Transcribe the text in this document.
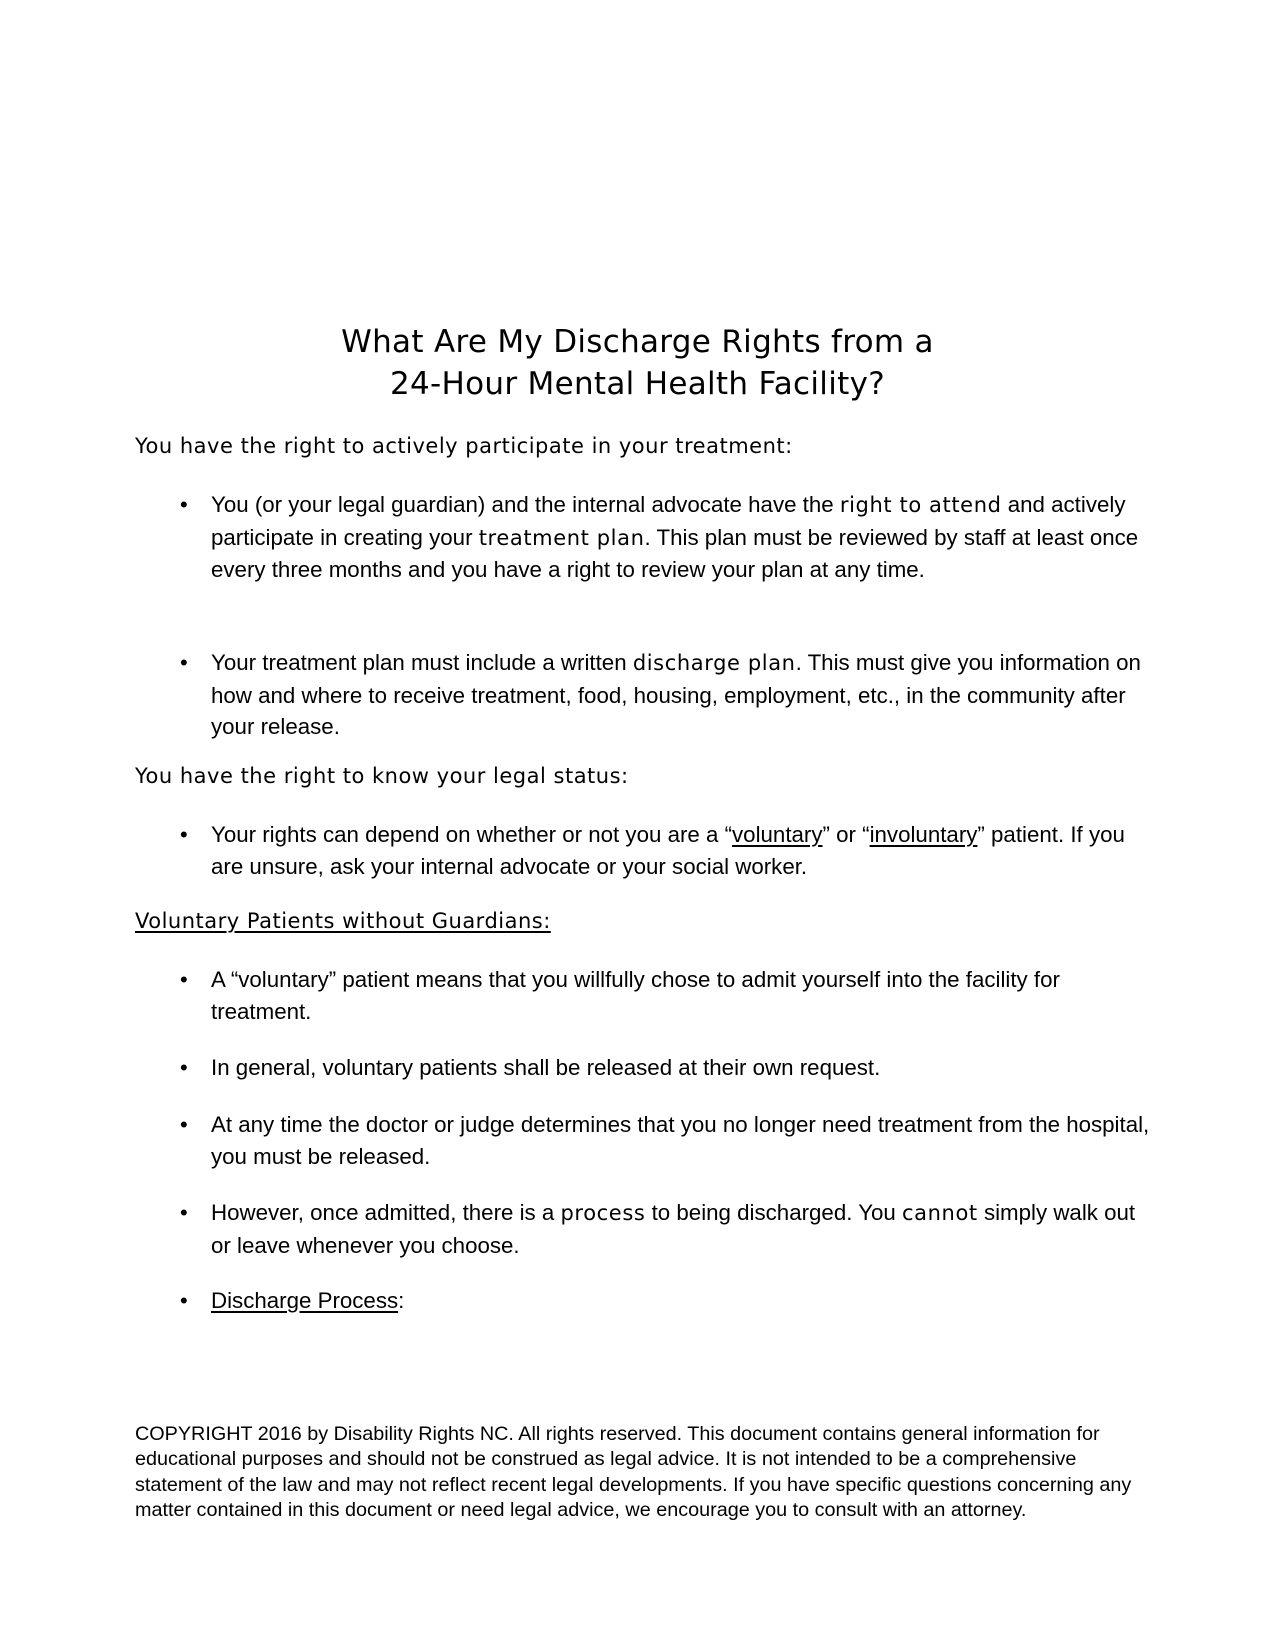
What Are My Discharge Rights from a
24-Hour Mental Health Facility?
You have the right to actively participate in your treatment:
• You (or your legal guardian) and the internal advocate have the right to attend and actively participate in creating your treatment plan. This plan must be reviewed by staff at least once every three months and you have a right to review your plan at any time.
• Your treatment plan must include a written discharge plan. This must give you information on how and where to receive treatment, food, housing, employment, etc., in the community after your release.
You have the right to know your legal status:
• Your rights can depend on whether or not you are a “voluntary” or “involuntary” patient. If you are unsure, ask your internal advocate or your social worker.
Voluntary Patients without Guardians:
• A “voluntary” patient means that you willfully chose to admit yourself into the facility for treatment.
• In general, voluntary patients shall be released at their own request.
• At any time the doctor or judge determines that you no longer need treatment from the hospital, you must be released.
• However, once admitted, there is a process to being discharged. You cannot simply walk out or leave whenever you choose.
• Discharge Process:
COPYRIGHT 2016 by Disability Rights NC. All rights reserved. This document contains general information for educational purposes and should not be construed as legal advice. It is not intended to be a comprehensive statement of the law and may not reflect recent legal developments. If you have specific questions concerning any matter contained in this document or need legal advice, we encourage you to consult with an attorney.
